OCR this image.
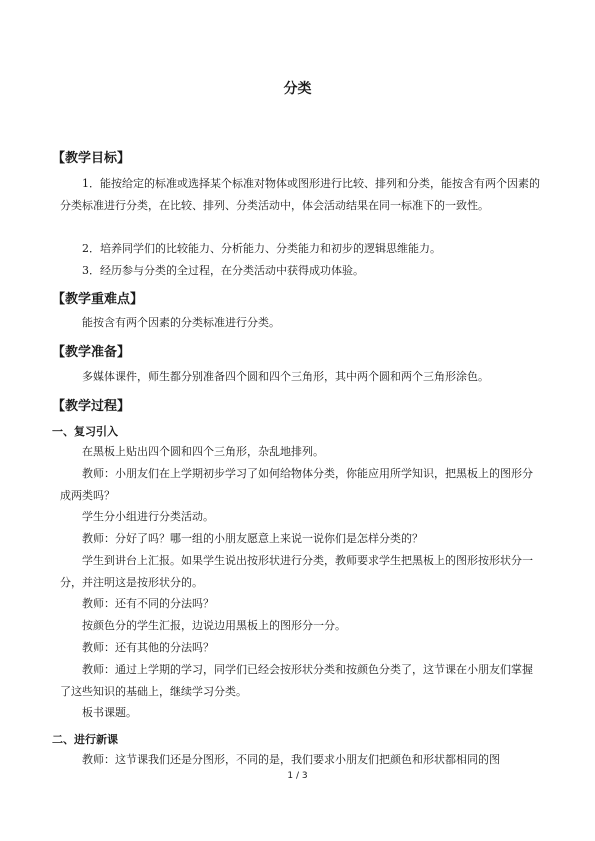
分类
【教学目标】

1．能按给定的标准或选择某个标准对物体或图形进行比较、排列和分类，能按含有两个因素的分类标准进行分类，在比较、排列、分类活动中，体会活动结果在同一标准下的一致性。

2．培养同学们的比较能力、分析能力、分类能力和初步的逻辑思维能力。

3．经历参与分类的全过程，在分类活动中获得成功体验。

【教学重难点】

能按含有两个因素的分类标准进行分类。

【教学准备】

多媒体课件，师生都分别准备四个圆和四个三角形，其中两个圆和两个三角形涂色。

【教学过程】
一、复习引入

在黑板上贴出四个圆和四个三角形，杂乱地排列。

教师：小朋友们在上学期初步学习了如何给物体分类，你能应用所学知识，把黑板上的图形分成两类吗？

学生分小组进行分类活动。

教师：分好了吗？哪一组的小朋友愿意上来说一说你们是怎样分类的？

学生到讲台上汇报。如果学生说出按形状进行分类，教师要求学生把黑板上的图形按形状分一分，并注明这是按形状分的。

教师：还有不同的分法吗？

按颜色分的学生汇报，边说边用黑板上的图形分一分。

教师：还有其他的分法吗？

教师：通过上学期的学习，同学们已经会按形状分类和按颜色分类了，这节课在小朋友们掌握了这些知识的基础上，继续学习分类。

板书课题。

二、进行新课

教师：这节课我们还是分图形，不同的是，我们要求小朋友们把颜色和形状都相同的图

1 / 3
